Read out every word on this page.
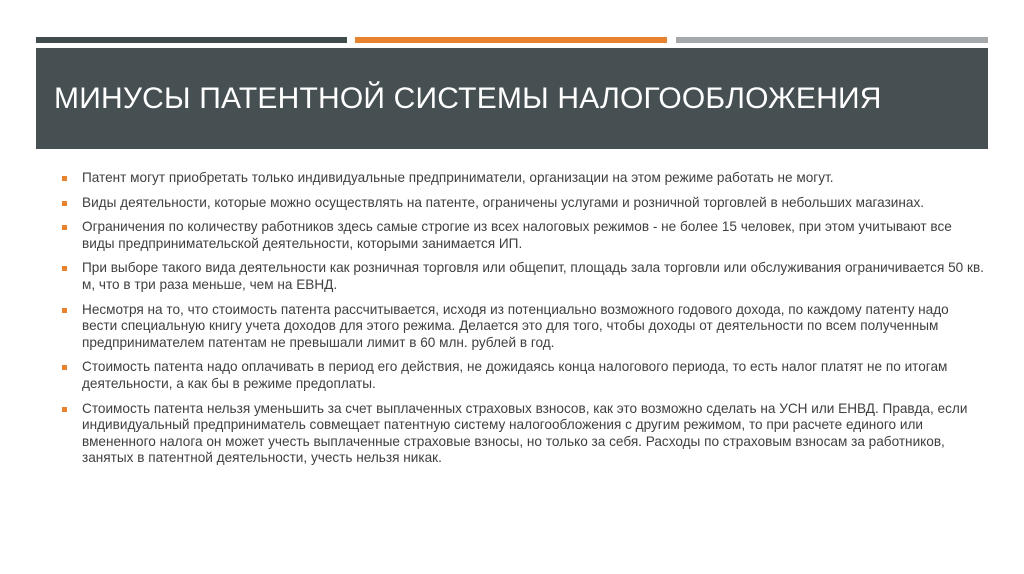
МИНУСЫ ПАТЕНТНОЙ СИСТЕМЫ НАЛОГООБЛОЖЕНИЯ
Патент могут приобретать только индивидуальные предприниматели, организации на этом режиме работать не могут.
Виды деятельности, которые можно осуществлять на патенте, ограничены услугами и розничной торговлей в небольших магазинах.
Ограничения по количеству работников здесь самые строгие из всех налоговых режимов - не более 15 человек, при этом учитывают все виды предпринимательской деятельности, которыми занимается ИП.
При выборе такого вида деятельности как розничная торговля или общепит, площадь зала торговли или обслуживания ограничивается 50 кв. м, что в три раза меньше, чем на ЕВНД.
Несмотря на то, что стоимость патента рассчитывается, исходя из потенциально возможного годового дохода, по каждому патенту надо вести специальную книгу учета доходов для этого режима. Делается это для того, чтобы доходы от деятельности по всем полученным предпринимателем патентам не превышали лимит в 60 млн. рублей в год.
Стоимость патента надо оплачивать в период его действия, не дожидаясь конца налогового периода, то есть налог платят не по итогам деятельности, а как бы в режиме предоплаты.
Стоимость патента нельзя уменьшить за счет выплаченных страховых взносов, как это возможно сделать на УСН или ЕНВД. Правда, если индивидуальный предприниматель совмещает патентную систему налогообложения с другим режимом, то при расчете единого или вмененного налога он может учесть выплаченные страховые взносы, но только за себя. Расходы по страховым взносам за работников, занятых в патентной деятельности, учесть нельзя никак.
